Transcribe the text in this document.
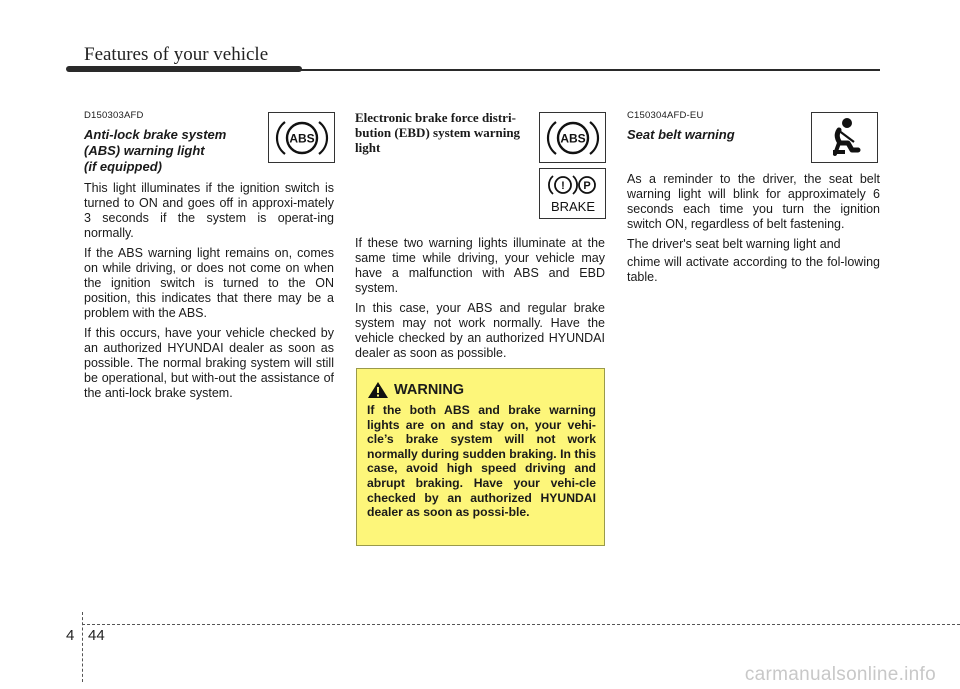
Features of your vehicle

D150303AFD

Anti-lock brake system
(ABS) warning light
(if equipped)

This light illuminates if the ignition switch is turned to ON and goes off in approxi-mately 3 seconds if the system is operat-ing normally.

If the ABS warning light remains on, comes on while driving, or does not come on when the ignition switch is turned to the ON position, this indicates that there may be a problem with the ABS.

If this occurs, have your vehicle checked by an authorized HYUNDAI dealer as soon as possible. The normal braking system will still be operational, but with-out the assistance of the anti-lock brake system.

ABS

Electronic brake force distri-
bution (EBD) system warning
light

If these two warning lights illuminate at the same time while driving, your vehicle may have a malfunction with ABS and EBD system.

In this case, your ABS and regular brake system may not work normally. Have the vehicle checked by an authorized HYUNDAI dealer as soon as possible.

ABS
! P
BRAKE
WARNING

If the both ABS and brake warning lights are on and stay on, your vehi-cle’s brake system will not work normally during sudden braking. In this case, avoid high speed driving and abrupt braking. Have your vehi-cle checked by an authorized HYUNDAI dealer as soon as possi-ble.

C150304AFD-EU

Seat belt warning

As a reminder to the driver, the seat belt warning light will blink for approximately 6 seconds each time you turn the ignition switch ON, regardless of belt fastening.

The driver's seat belt warning light and

chime will activate according to the fol-lowing table.

4 44
carmanualsonline.info
